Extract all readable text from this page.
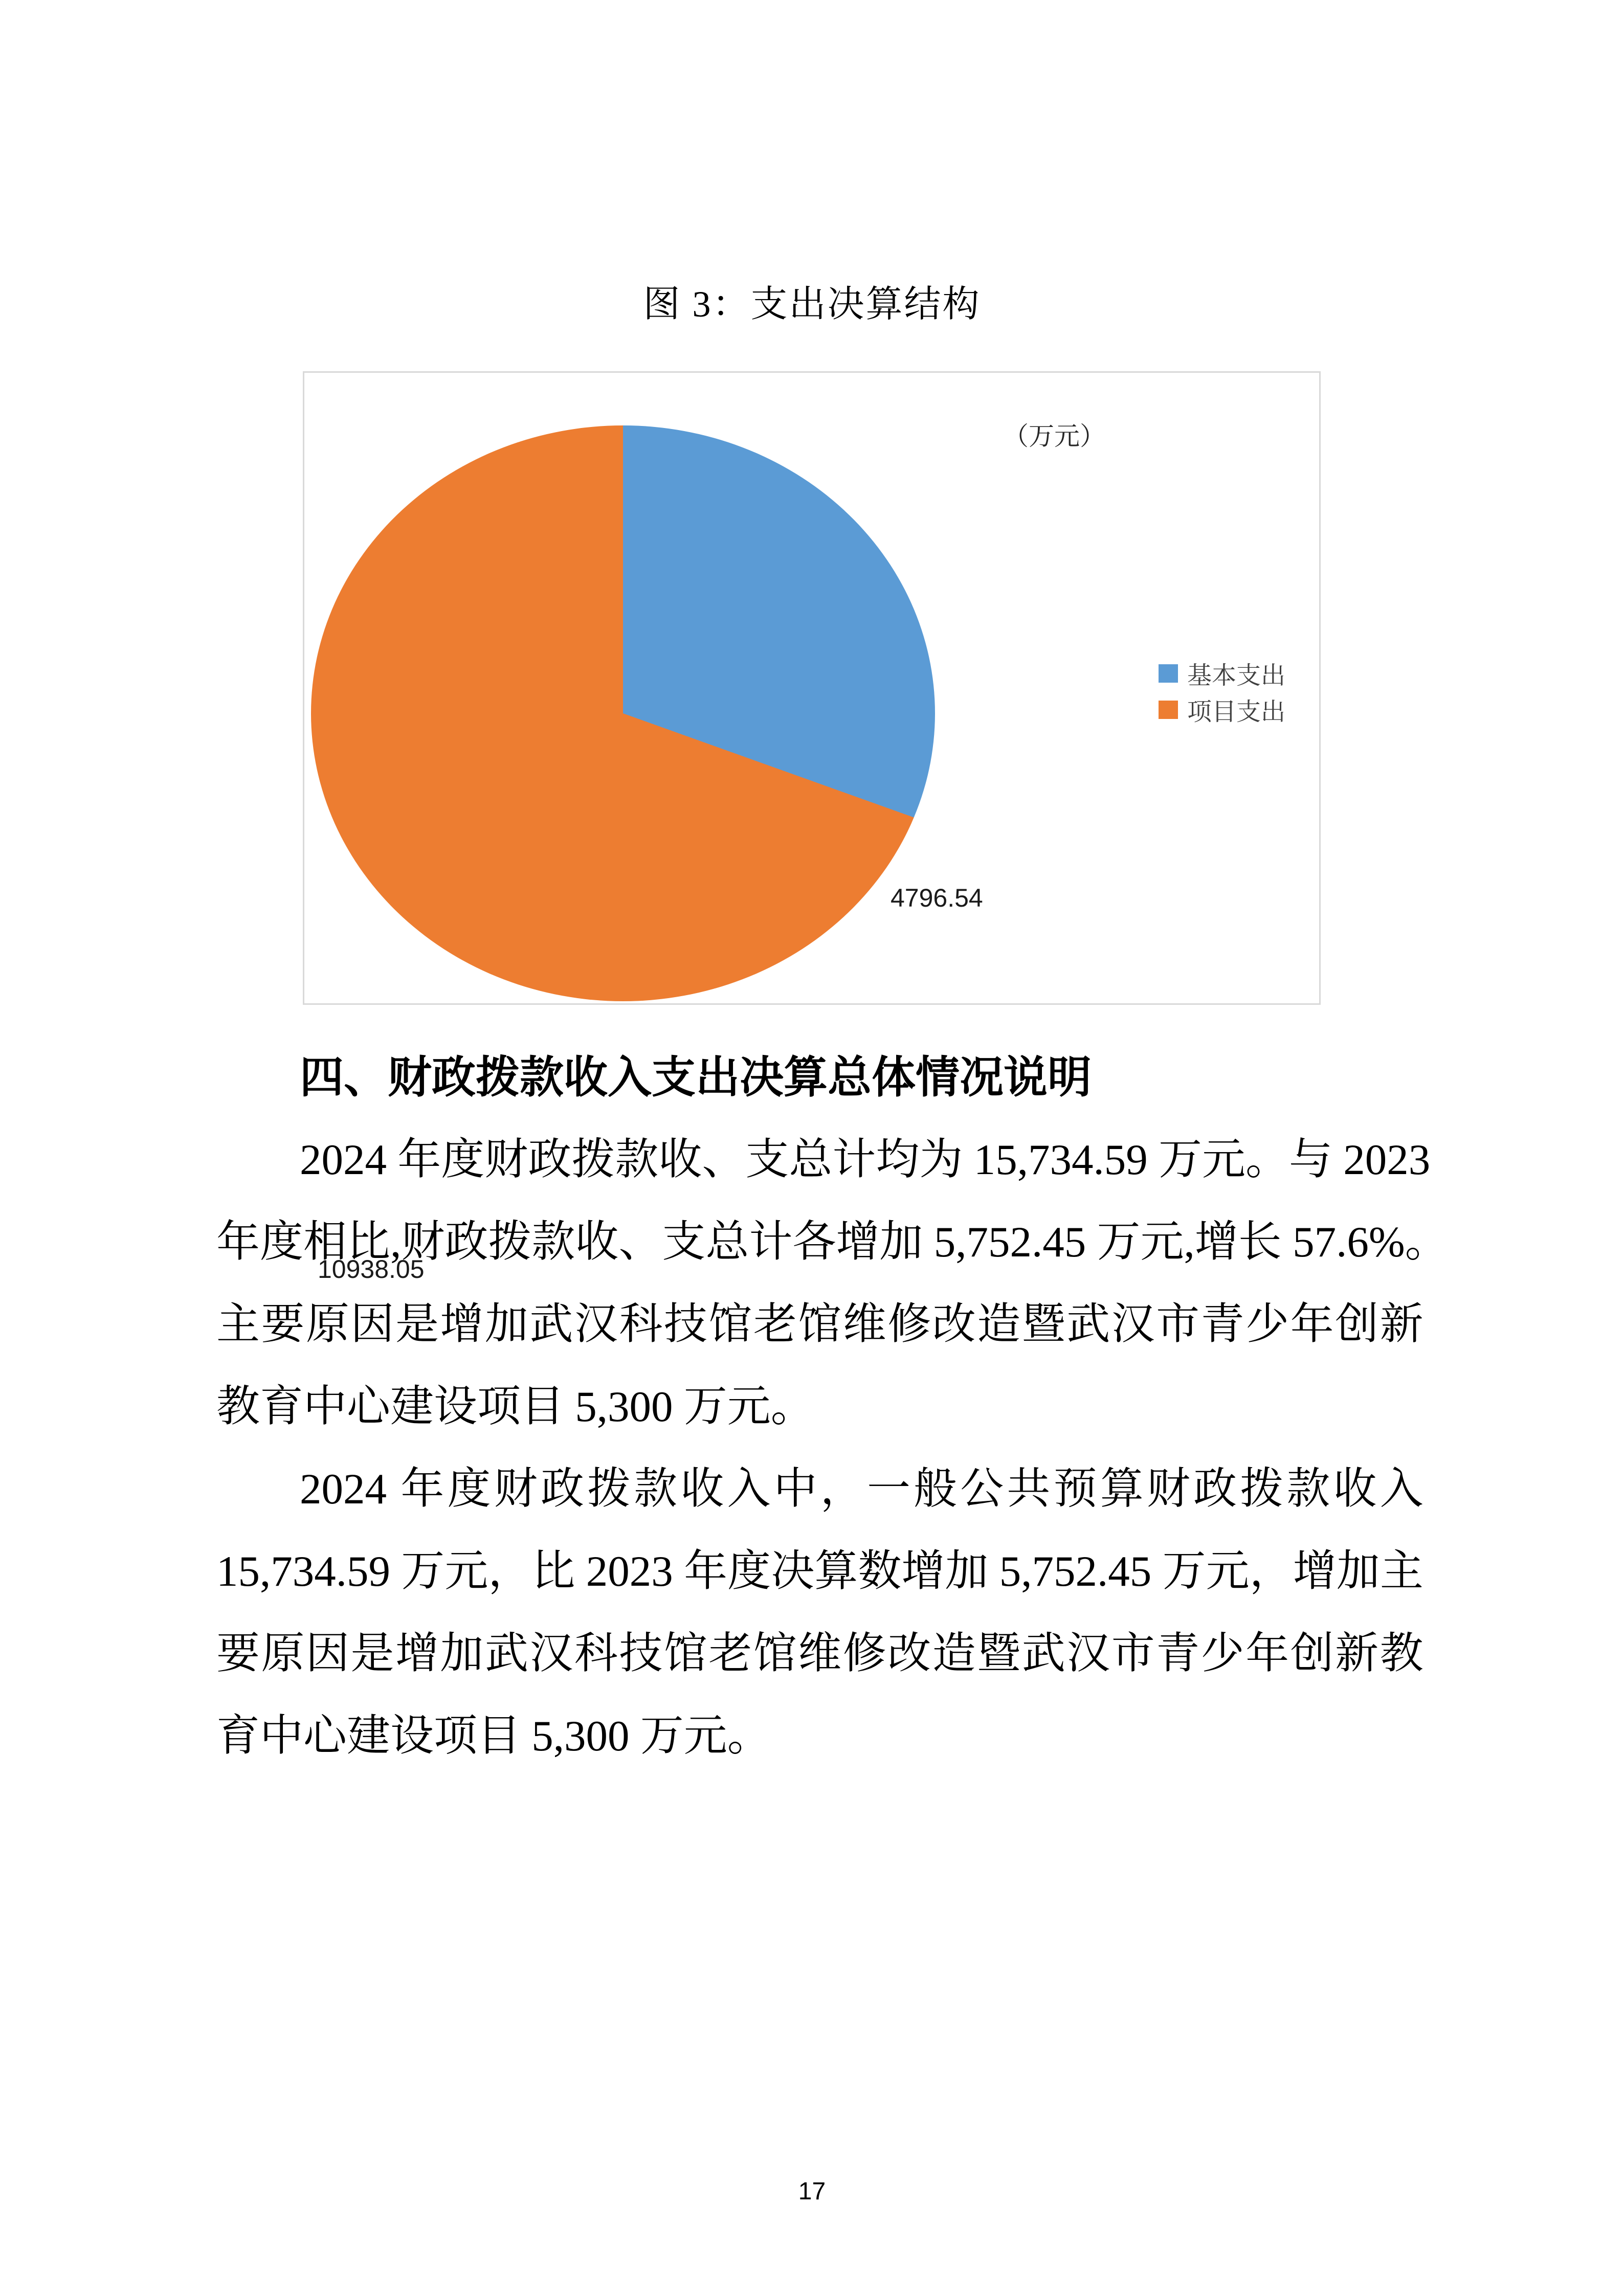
图 3：支出决算结构
（万元）
4796.54
10938.05
基本支出
项目支出
四、财政拨款收入支出决算总体情况说明
2024 年 度 财 政 拨 款 收 、 支 总 计 均 为 15,734.59 万 元 。 与 2023
年 度 相 比 , 财 政 拨 款 收 、 支 总 计 各 增 加 5,752.45 万 元 , 增 长 57.6% 。
主 要 原 因 是 增 加 武 汉 科 技 馆 老 馆 维 修 改 造 暨 武 汉 市 青 少 年 创 新
教育中心建设项目 5,300 万元。
2024 年 度 财 政 拨 款 收 入 中 ， 一 般 公 共 预 算 财 政 拨 款 收 入
15,734.59 万 元 ， 比 2023 年 度 决 算 数 增 加 5,752.45 万 元 ， 增 加 主
要 原 因 是 增 加 武 汉 科 技 馆 老 馆 维 修 改 造 暨 武 汉 市 青 少 年 创 新 教
育中心建设项目 5,300 万元。
17
